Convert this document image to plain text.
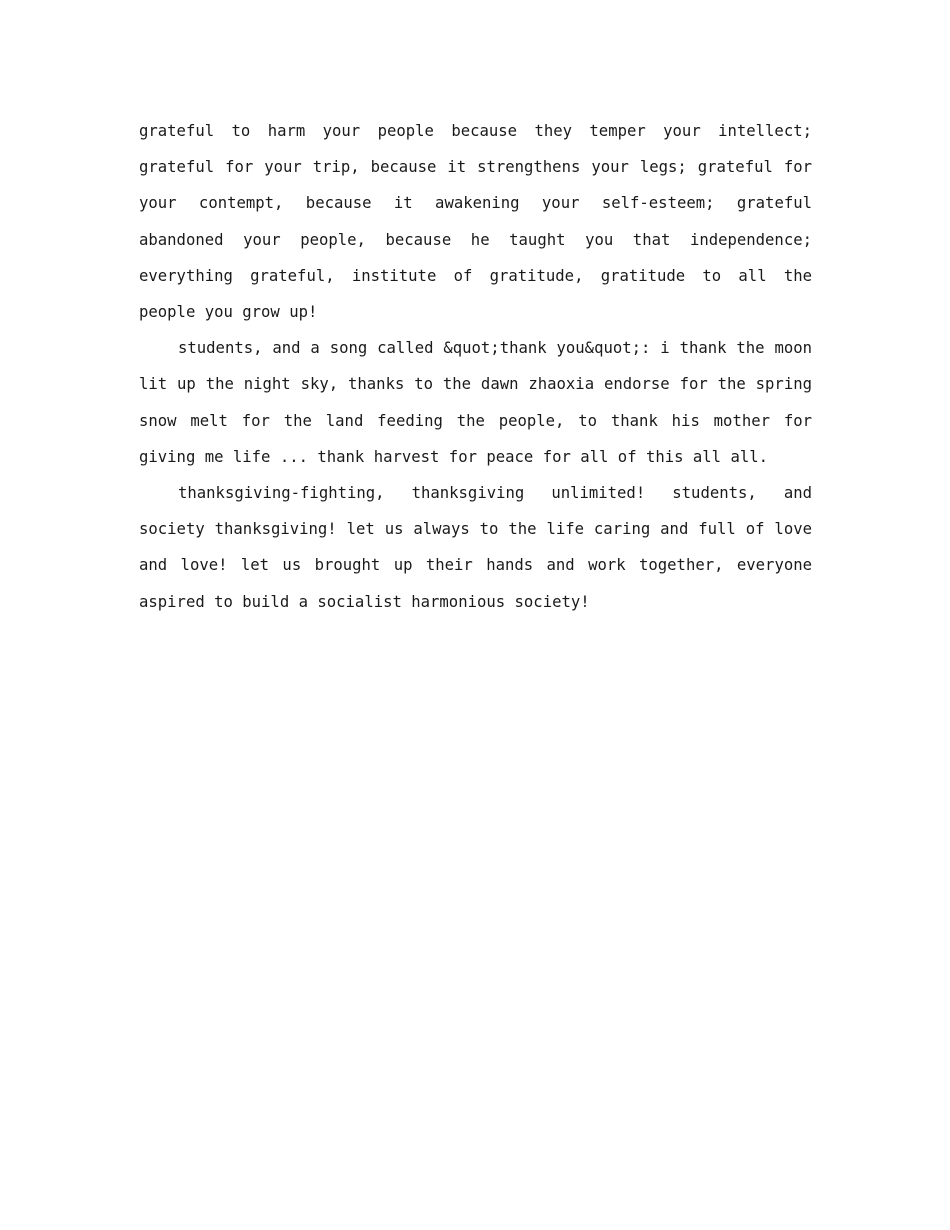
grateful to harm your people because they temper your intellect; grateful for your trip, because it strengthens your legs; grateful for your contempt, because it awakening your self-esteem; grateful abandoned your people, because he taught you that independence; everything grateful, institute of gratitude, gratitude to all the people you grow up!

students, and a song called &quot;thank you&quot;: i thank the moon lit up the night sky, thanks to the dawn zhaoxia endorse for the spring snow melt for the land feeding the people, to thank his mother for giving me life ... thank harvest for peace for all of this all all.

thanksgiving-fighting, thanksgiving unlimited! students, and society thanksgiving! let us always to the life caring and full of love and love! let us brought up their hands and work together, everyone aspired to build a socialist harmonious society!
